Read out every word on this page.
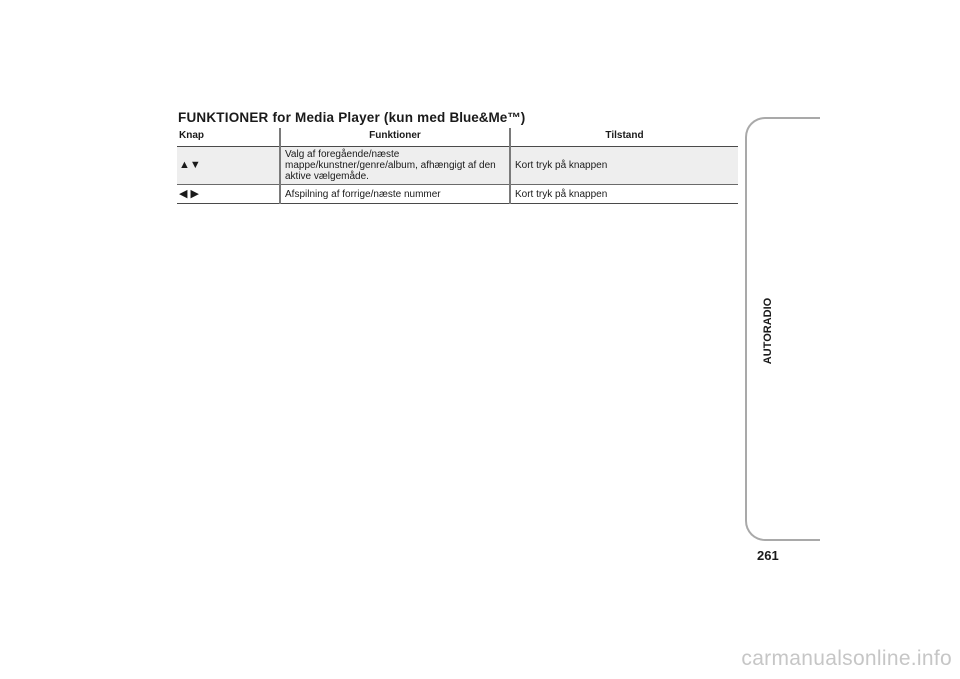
FUNKTIONER for Media Player (kun med Blue&Me™)
Knap	Funktioner	Tilstand
▲▼	Valg af foregående/næste mappe/kunstner/genre/album, afhængigt af den aktive vælgemåde.	Kort tryk på knappen
◀ ▶	Afspilning af forrige/næste nummer	Kort tryk på knappen
AUTORADIO
261
carmanualsonline.info
